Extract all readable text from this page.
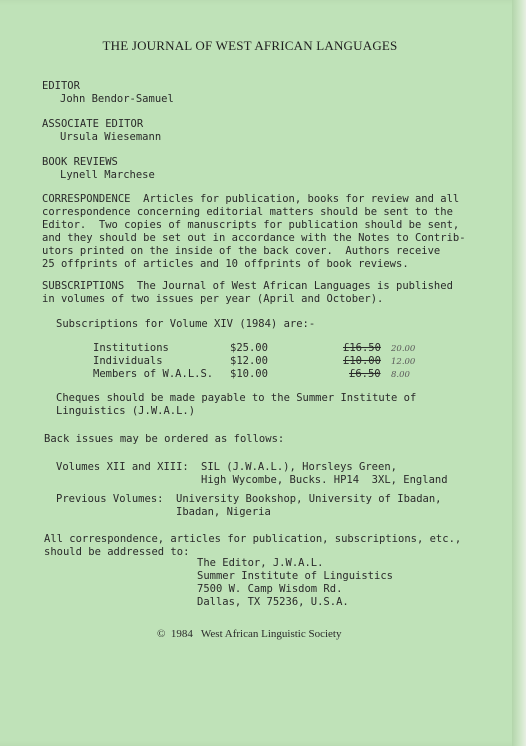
THE JOURNAL OF WEST AFRICAN LANGUAGES
EDITOR
John Bendor-Samuel
ASSOCIATE EDITOR
Ursula Wiesemann
BOOK REVIEWS
Lynell Marchese
CORRESPONDENCE  Articles for publication, books for review and all
correspondence concerning editorial matters should be sent to the
Editor.  Two copies of manuscripts for publication should be sent,
and they should be set out in accordance with the Notes to Contrib-
utors printed on the inside of the back cover.  Authors receive
25 offprints of articles and 10 offprints of book reviews.
SUBSCRIPTIONS  The Journal of West African Languages is published
in volumes of two issues per year (April and October).
Subscriptions for Volume XIV (1984) are:-
Institutions	$25.00	£16.50 20.00
Individuals	$12.00	£10.00 12.00
Members of W.A.L.S. $10.00	£6.50 8.00
Cheques should be made payable to the Summer Institute of
Linguistics (J.W.A.L.)
Back issues may be ordered as follows:
Volumes XII and XIII: SIL (J.W.A.L.), Horsleys Green,
High Wycombe, Bucks. HP14  3XL, England
Previous Volumes: University Bookshop, University of Ibadan,
Ibadan, Nigeria
All correspondence, articles for publication, subscriptions, etc.,
should be addressed to:
The Editor, J.W.A.L.
Summer Institute of Linguistics
7500 W. Camp Wisdom Rd.
Dallas, TX 75236, U.S.A.
©  1984   West African Linguistic Society
